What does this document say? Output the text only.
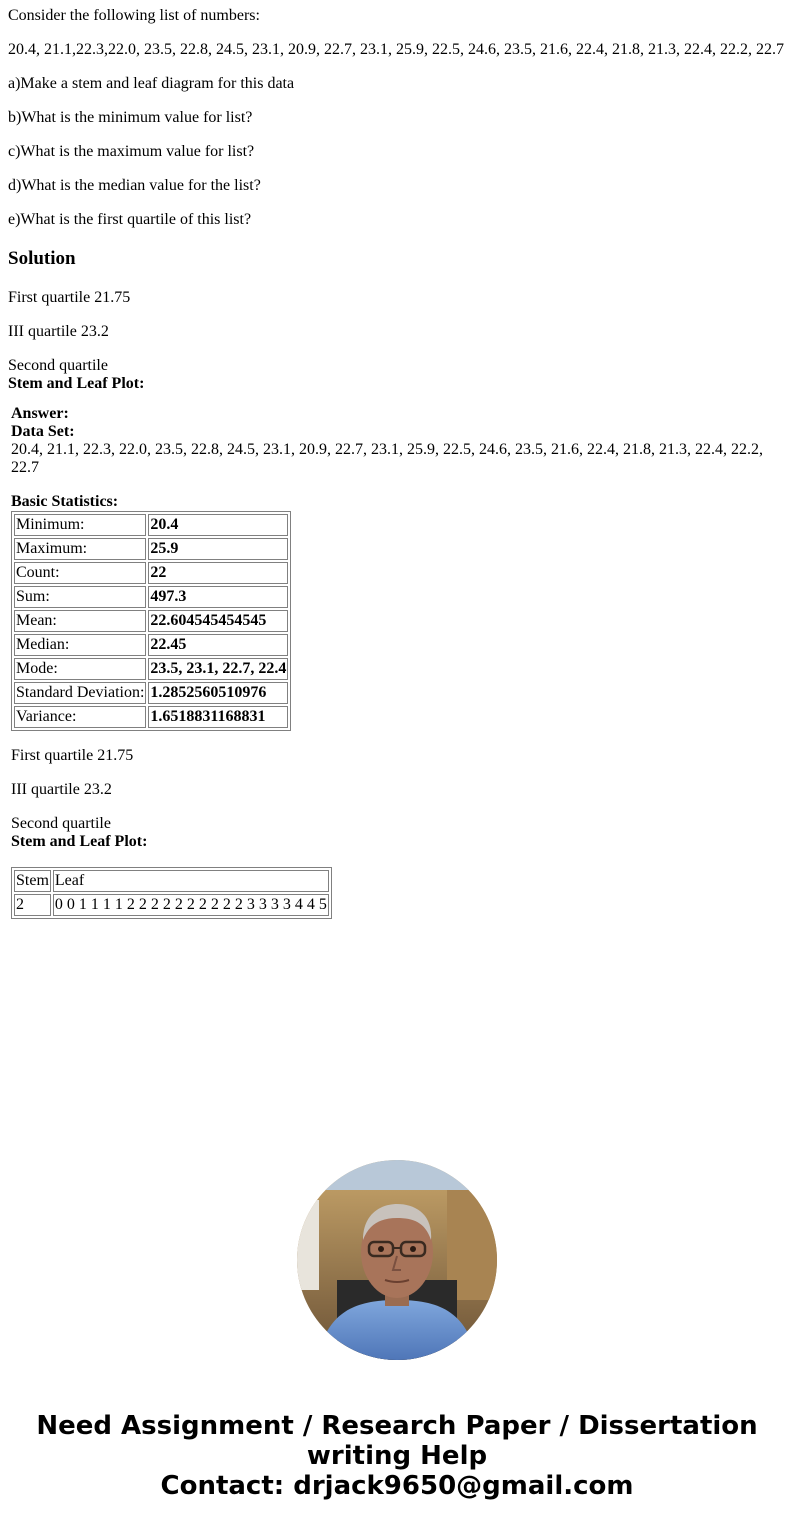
Consider the following list of numbers:

20.4, 21.1,22.3,22.0, 23.5, 22.8, 24.5, 23.1, 20.9, 22.7, 23.1, 25.9, 22.5, 24.6, 23.5, 21.6, 22.4, 21.8, 21.3, 22.4, 22.2, 22.7

a)Make a stem and leaf diagram for this data

b)What is the minimum value for list?

c)What is the maximum value for list?

d)What is the median value for the list?

e)What is the first quartile of this list?

Solution

First quartile 21.75

III quartile 23.2

Second quartile

Stem and Leaf Plot:
Answer:
Data Set:
20.4, 21.1, 22.3, 22.0, 23.5, 22.8, 24.5, 23.1, 20.9, 22.7, 23.1, 25.9, 22.5, 24.6, 23.5, 21.6, 22.4, 21.8, 21.3, 22.4, 22.2, 22.7
Basic Statistics:
Minimum:	20.4
Maximum:	25.9
Count:	22
Sum:	497.3
Mean:	22.604545454545
Median:	22.45
Mode:	23.5, 23.1, 22.7, 22.4
Standard Deviation:	1.2852560510976
Variance:	1.6518831168831

First quartile 21.75

III quartile 23.2

Second quartile

Stem and Leaf Plot:
Stem	Leaf
2	0 0 1 1 1 1 2 2 2 2 2 2 2 2 2 2 3 3 3 3 4 4 5
Need Assignment / Research Paper / Dissertation
writing Help
Contact: drjack9650@gmail.com
